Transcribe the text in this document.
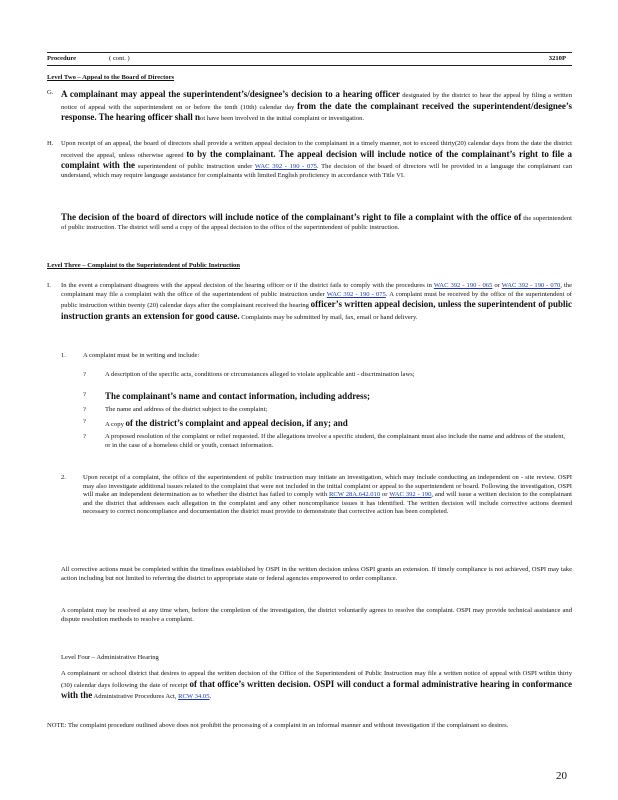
Procedure	( cont. )	3210P
Level Two – Appeal to the Board of Directors
G. A complainant may appeal the superintendent’s/designee’s decision to a hearing officer designated by the district to hear the appeal by filing a written notice of appeal with the superintendent on or before the tenth (10th) calendar day from the date the complainant received the superintendent/designee’s response. The hearing officer shall not have been involved in the initial complaint or investigation.
H. Upon receipt of an appeal, the board of directors shall provide a written appeal decision to the complainant in a timely manner, not to exceed thirty(20) calendar days from the date the district received the appeal, unless otherwise agreed to by the complainant. The appeal decision will include notice of the complainant’s right to file a complaint with the superintendent of public instruction under WAC 392 - 190 - 075. The decision of the board of directors will be provided in a language the complainant can understand, which may require language assistance for complainants with limited English proficiency in accordance with Title VI.
The decision of the board of directors will include notice of the complainant’s right to file a complaint with the office of the superintendent of public instruction. The district will send a copy of the appeal decision to the office of the superintendent of public instruction.
Level Three – Complaint to the Superintendent of Public Instruction
I. In the event a complainant disagrees with the appeal decision of the hearing officer or if the district fails to comply with the procedures in WAC 392 - 190 - 065 or WAC 392 - 190 - 070, the complainant may file a complaint with the office of the superintendent of public instruction under WAC 392 - 190 - 075. A complaint must be received by the office of the superintendent of public instruction within twenty (20) calendar days after the complainant received the hearing officer’s written appeal decision, unless the superintendent of public instruction grants an extension for good cause. Complaints may be submitted by mail, fax, email or hand delivery.
1.	A complaint must be in writing and include:
?	A description of the specific acts, conditions or circumstances alleged to violate applicable anti - discrimination laws;
? The complainant’s name and contact information, including address;
?	The name and address of the district subject to the complaint;
?	A copy of the district’s complaint and appeal decision, if any; and
?	A proposed resolution of the complaint or relief requested. If the allegations involve a specific student, the complainant must also include the name and address of the student, or in the case of a homeless child or youth, contact information.
2.	Upon receipt of a complaint, the office of the superintendent of public instruction may initiate an investigation, which may include conducting an independent on - site review. OSPI may also investigate additional issues related to the complaint that were not included in the initial complaint or appeal to the superintendent or board. Following the investigation, OSPI will make an independent determination as to whether the district has failed to comply with RCW 28A.642.010 or WAC 392 - 190, and will issue a written decision to the complainant and the district that addresses each allegation in the complaint and any other noncompliance issues it has identified. The written decision will include corrective actions deemed necessary to correct noncompliance and documentation the district must provide to demonstrate that corrective action has been completed.
All corrective actions must be completed within the timelines established by OSPI in the written decision unless OSPI grants an extension. If timely compliance is not achieved, OSPI may take action including but not limited to referring the district to appropriate state or federal agencies empowered to order compliance.
A complaint may be resolved at any time when, before the completion of the investigation, the district voluntarily agrees to resolve the complaint. OSPI may provide technical assistance and dispute resolution methods to resolve a complaint.
Level Four – Administrative Hearing
A complainant or school district that desires to appeal the written decision of the Office of the Superintendent of Public Instruction may file a written notice of appeal with OSPI within thirty (30) calendar days following the date of receipt of that office’s written decision. OSPI will conduct a formal administrative hearing in conformance with the Administrative Procedures Act, RCW 34.05.
NOTE: The complaint procedure outlined above does not prohibit the processing of a complaint in an informal manner and without investigation if the complainant so desires.
20
